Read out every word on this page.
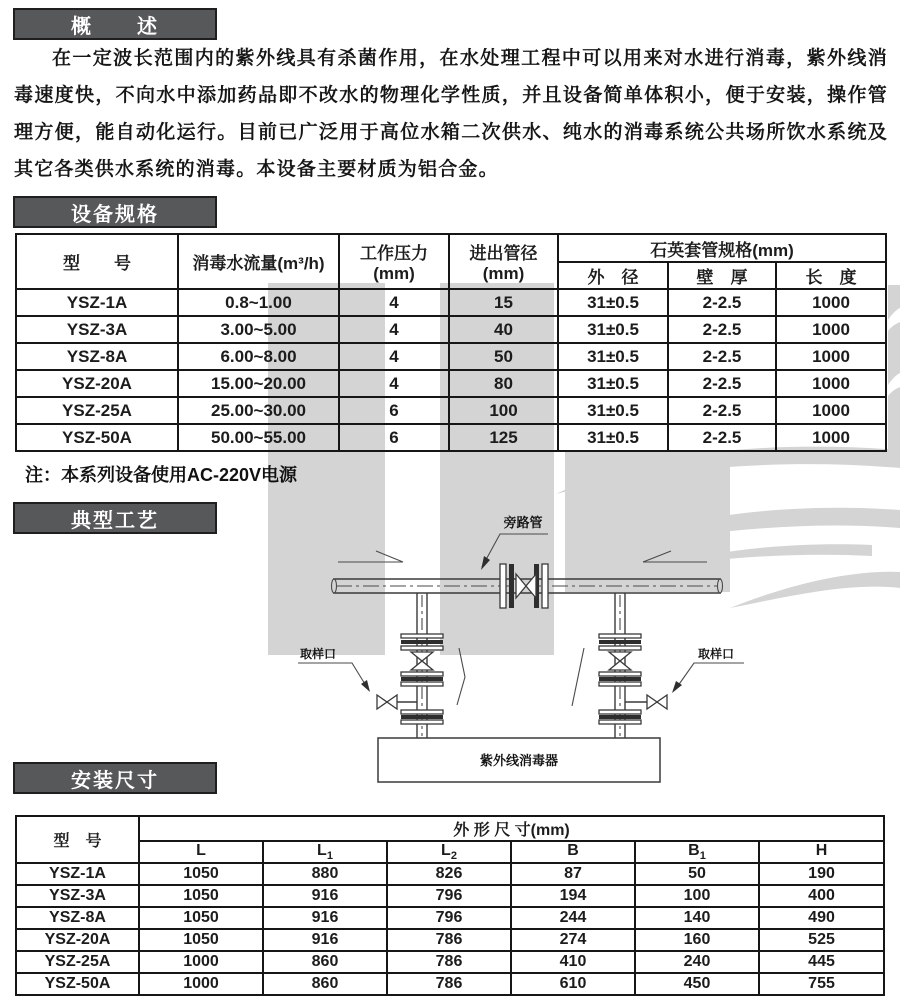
概　　述
在一定波长范围内的紫外线具有杀菌作用，在水处理工程中可以用来对水进行消毒，紫外线消毒速度快，不向水中添加药品即不改水的物理化学性质，并且设备简单体积小，便于安装，操作管理方便，能自动化运行。目前已广泛用于高位水箱二次供水、纯水的消毒系统公共场所饮水系统及其它各类供水系统的消毒。本设备主要材质为铝合金。
设备规格
型　　号	消毒水流量(m³/h)	工作压力(mm)	进出管径(mm)	石英套管规格(mm)		
				外　径	壁　厚	长　度
YSZ-1A	0.8~1.00	4	15	31±0.5	2-2.5	1000
YSZ-3A	3.00~5.00	4	40	31±0.5	2-2.5	1000
YSZ-8A	6.00~8.00	4	50	31±0.5	2-2.5	1000
YSZ-20A	15.00~20.00	4	80	31±0.5	2-2.5	1000
YSZ-25A	25.00~30.00	6	100	31±0.5	2-2.5	1000
YSZ-50A	50.00~55.00	6	125	31±0.5	2-2.5	1000
注：本系列设备使用AC-220V电源
典型工艺	旁路管
取样口	取样口
紫外线消毒器
安装尺寸
型　号	外 形 尺 寸(mm)					
	L	$L_1$	$L_2$	B	$B_1$	H
YSZ-1A	1050	880	826	87	50	190
YSZ-3A	1050	916	796	194	100	400
YSZ-8A	1050	916	796	244	140	490
YSZ-20A	1050	916	786	274	160	525
YSZ-25A	1000	860	786	410	240	445
YSZ-50A	1000	860	786	610	450	755
